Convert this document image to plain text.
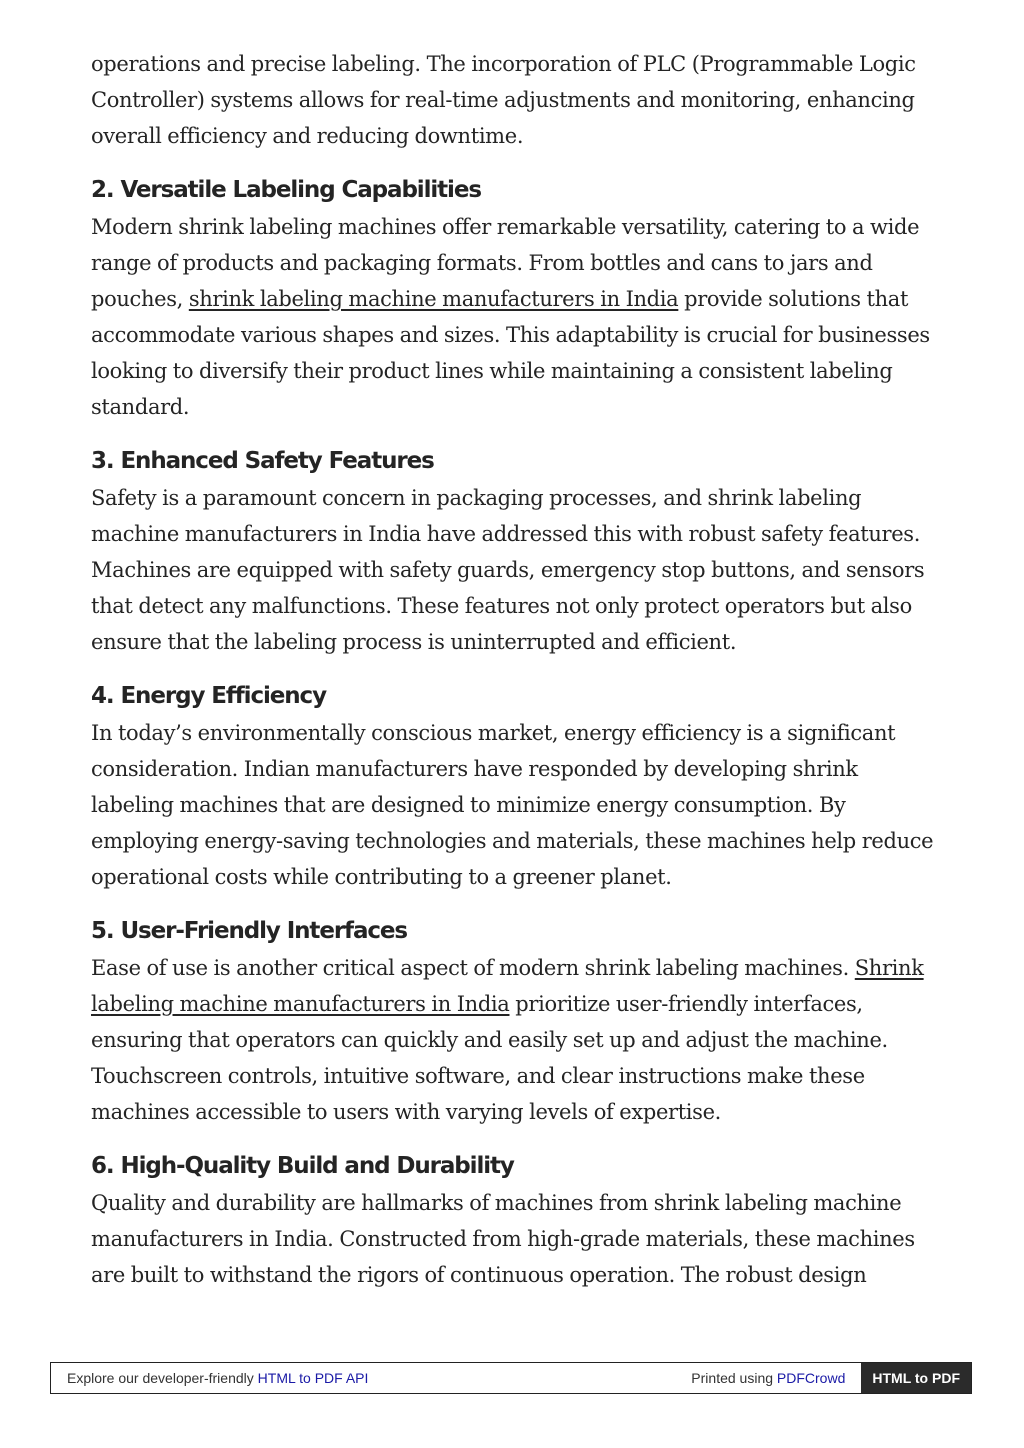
operations and precise labeling. The incorporation of PLC (Programmable Logic Controller) systems allows for real-time adjustments and monitoring, enhancing overall efficiency and reducing downtime.

2. Versatile Labeling Capabilities

Modern shrink labeling machines offer remarkable versatility, catering to a wide range of products and packaging formats. From bottles and cans to jars and pouches, shrink labeling machine manufacturers in India provide solutions that accommodate various shapes and sizes. This adaptability is crucial for businesses looking to diversify their product lines while maintaining a consistent labeling standard.

3. Enhanced Safety Features

Safety is a paramount concern in packaging processes, and shrink labeling machine manufacturers in India have addressed this with robust safety features. Machines are equipped with safety guards, emergency stop buttons, and sensors that detect any malfunctions. These features not only protect operators but also ensure that the labeling process is uninterrupted and efficient.

4. Energy Efficiency

In today’s environmentally conscious market, energy efficiency is a significant consideration. Indian manufacturers have responded by developing shrink labeling machines that are designed to minimize energy consumption. By employing energy-saving technologies and materials, these machines help reduce operational costs while contributing to a greener planet.

5. User-Friendly Interfaces

Ease of use is another critical aspect of modern shrink labeling machines. Shrink labeling machine manufacturers in India prioritize user-friendly interfaces, ensuring that operators can quickly and easily set up and adjust the machine. Touchscreen controls, intuitive software, and clear instructions make these machines accessible to users with varying levels of expertise.

6. High-Quality Build and Durability

Quality and durability are hallmarks of machines from shrink labeling machine manufacturers in India. Constructed from high-grade materials, these machines are built to withstand the rigors of continuous operation. The robust design

Explore our developer-friendly HTML to PDF API	Printed using PDFCrowd	HTML to PDF
